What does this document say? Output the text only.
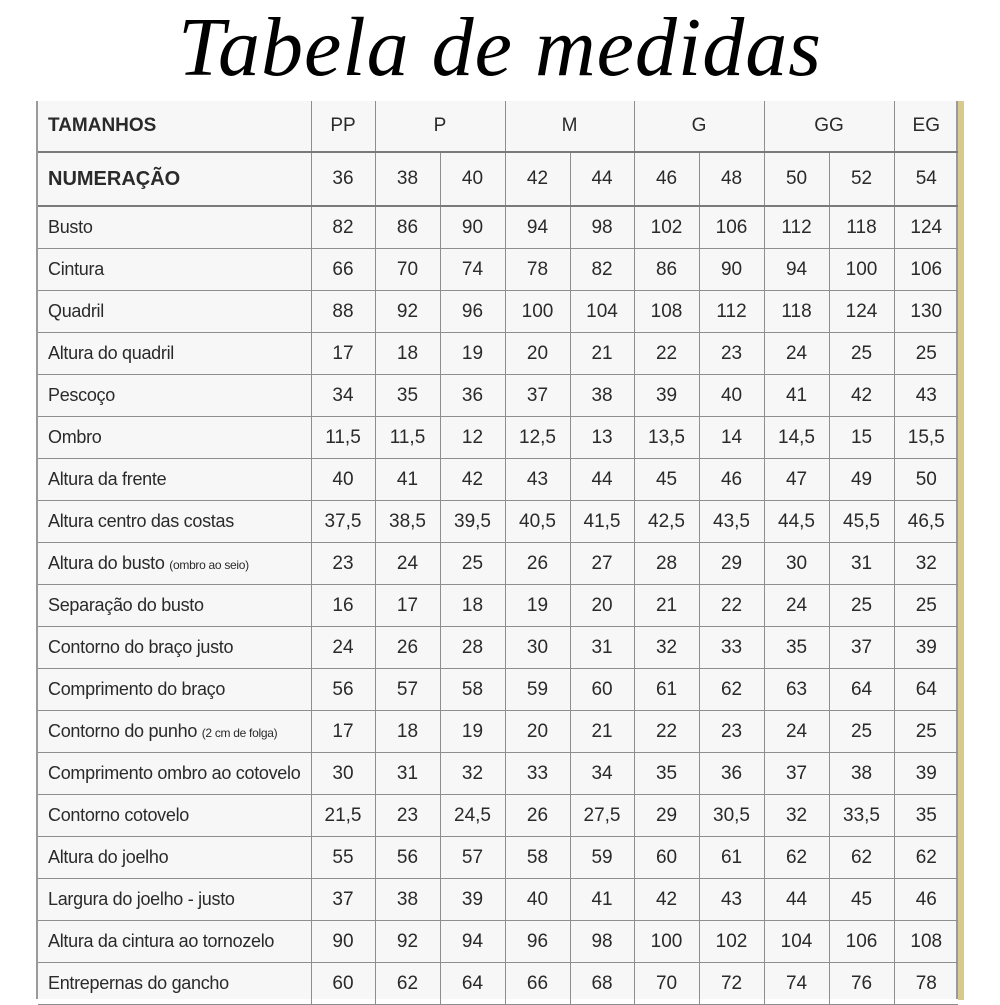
Tabela de medidas
TAMANHOS	PP	P		M		G		GG		EG
NUMERAÇÃO	36	38	40	42	44	46	48	50	52	54
Busto	82	86	90	94	98	102	106	112	118	124
Cintura	66	70	74	78	82	86	90	94	100	106
Quadril	88	92	96	100	104	108	112	118	124	130
Altura do quadril	17	18	19	20	21	22	23	24	25	25
Pescoço	34	35	36	37	38	39	40	41	42	43
Ombro	11,5	11,5	12	12,5	13	13,5	14	14,5	15	15,5
Altura da frente	40	41	42	43	44	45	46	47	49	50
Altura centro das costas	37,5	38,5	39,5	40,5	41,5	42,5	43,5	44,5	45,5	46,5
Altura do busto (ombro ao seio)	23	24	25	26	27	28	29	30	31	32
Separação do busto	16	17	18	19	20	21	22	24	25	25
Contorno do braço justo	24	26	28	30	31	32	33	35	37	39
Comprimento do braço	56	57	58	59	60	61	62	63	64	64
Contorno do punho (2 cm de folga)	17	18	19	20	21	22	23	24	25	25
Comprimento ombro ao cotovelo	30	31	32	33	34	35	36	37	38	39
Contorno cotovelo	21,5	23	24,5	26	27,5	29	30,5	32	33,5	35
Altura do joelho	55	56	57	58	59	60	61	62	62	62
Largura do joelho - justo	37	38	39	40	41	42	43	44	45	46
Altura da cintura ao tornozelo	90	92	94	96	98	100	102	104	106	108
Entrepernas do gancho	60	62	64	66	68	70	72	74	76	78
